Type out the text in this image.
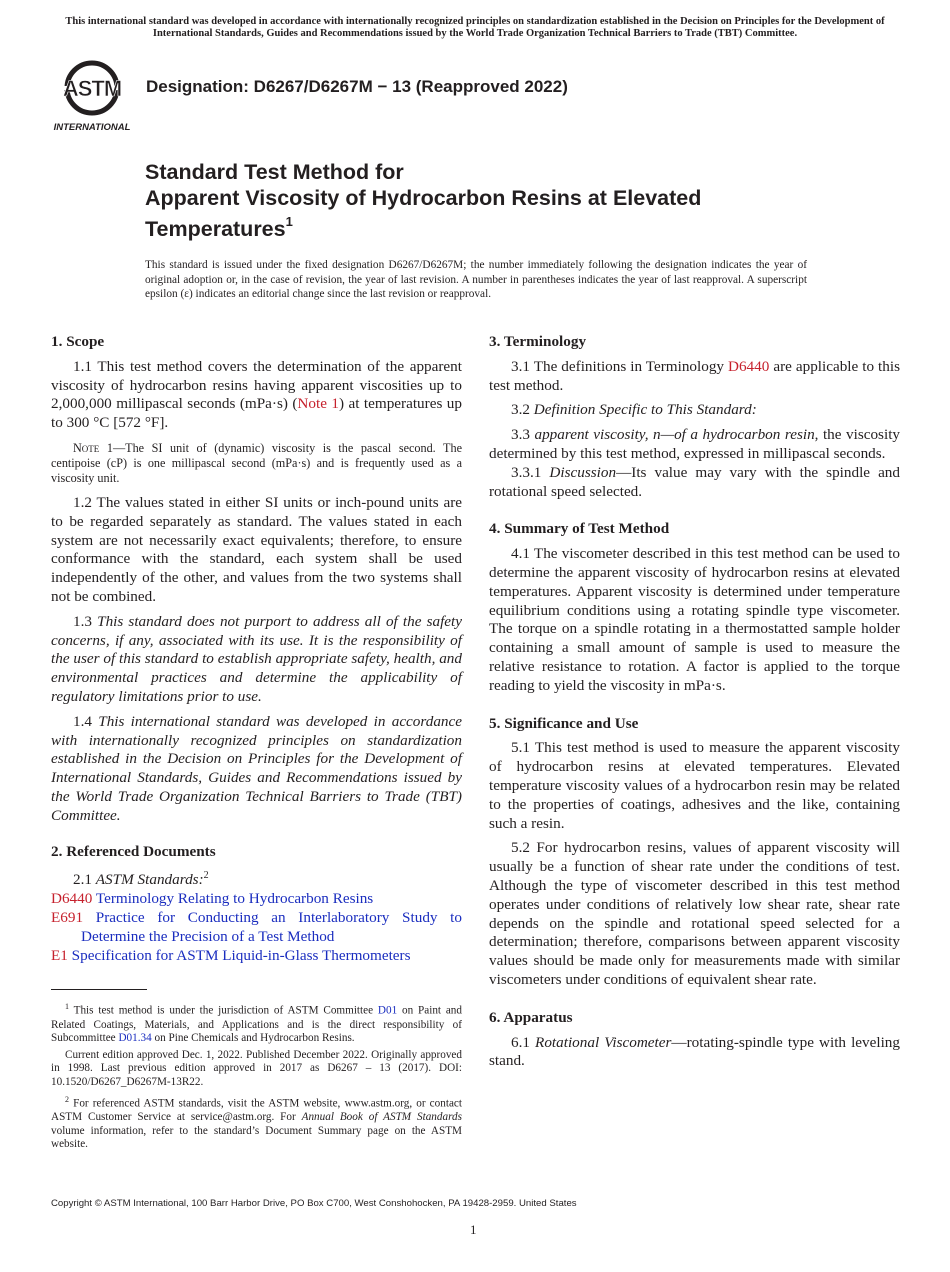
This international standard was developed in accordance with internationally recognized principles on standardization established in the Decision on Principles for the Development of International Standards, Guides and Recommendations issued by the World Trade Organization Technical Barriers to Trade (TBT) Committee.
ASTM
INTERNATIONAL
Designation: D6267/D6267M − 13 (Reapproved 2022)
Standard Test Method for
Apparent Viscosity of Hydrocarbon Resins at Elevated
Temperatures$^1$
This standard is issued under the fixed designation D6267/D6267M; the number immediately following the designation indicates the year of original adoption or, in the case of revision, the year of last revision. A number in parentheses indicates the year of last reapproval. A superscript epsilon (ε) indicates an editorial change since the last revision or reapproval.
1. Scope

1.1 This test method covers the determination of the apparent viscosity of hydrocarbon resins having apparent viscosities up to 2,000,000 millipascal seconds (mPa·s) (Note 1) at temperatures up to 300 °C [572 °F].

Note 1—The SI unit of (dynamic) viscosity is the pascal second. The centipoise (cP) is one millipascal second (mPa·s) and is frequently used as a viscosity unit.

1.2 The values stated in either SI units or inch-pound units are to be regarded separately as standard. The values stated in each system are not necessarily exact equivalents; therefore, to ensure conformance with the standard, each system shall be used independently of the other, and values from the two systems shall not be combined.

1.3 This standard does not purport to address all of the safety concerns, if any, associated with its use. It is the responsibility of the user of this standard to establish appropriate safety, health, and environmental practices and determine the applicability of regulatory limitations prior to use.

1.4 This international standard was developed in accordance with internationally recognized principles on standardization established in the Decision on Principles for the Development of International Standards, Guides and Recommendations issued by the World Trade Organization Technical Barriers to Trade (TBT) Committee.

2. Referenced Documents

2.1 ASTM Standards:$^2$

D6440 Terminology Relating to Hydrocarbon Resins

E691 Practice for Conducting an Interlaboratory Study to Determine the Precision of a Test Method

E1 Specification for ASTM Liquid-in-Glass Thermometers

$^1$ This test method is under the jurisdiction of ASTM Committee D01 on Paint and Related Coatings, Materials, and Applications and is the direct responsibility of Subcommittee D01.34 on Pine Chemicals and Hydrocarbon Resins.

Current edition approved Dec. 1, 2022. Published December 2022. Originally approved in 1998. Last previous edition approved in 2017 as D6267 – 13 (2017). DOI: 10.1520/D6267_D6267M-13R22.

$^2$ For referenced ASTM standards, visit the ASTM website, www.astm.org, or contact ASTM Customer Service at service@astm.org. For Annual Book of ASTM Standards volume information, refer to the standard’s Document Summary page on the ASTM website.

3. Terminology

3.1 The definitions in Terminology D6440 are applicable to this test method.

3.2 Definition Specific to This Standard:

3.3 apparent viscosity, n—of a hydrocarbon resin, the viscosity determined by this test method, expressed in millipascal seconds.

3.3.1 Discussion—Its value may vary with the spindle and rotational speed selected.

4. Summary of Test Method

4.1 The viscometer described in this test method can be used to determine the apparent viscosity of hydrocarbon resins at elevated temperatures. Apparent viscosity is determined under temperature equilibrium conditions using a rotating spindle type viscometer. The torque on a spindle rotating in a thermostatted sample holder containing a small amount of sample is used to measure the relative resistance to rotation. A factor is applied to the torque reading to yield the viscosity in mPa·s.

5. Significance and Use

5.1 This test method is used to measure the apparent viscosity of hydrocarbon resins at elevated temperatures. Elevated temperature viscosity values of a hydrocarbon resin may be related to the properties of coatings, adhesives and the like, containing such a resin.

5.2 For hydrocarbon resins, values of apparent viscosity will usually be a function of shear rate under the conditions of test. Although the type of viscometer described in this test method operates under conditions of relatively low shear rate, shear rate depends on the spindle and rotational speed selected for a determination; therefore, comparisons between apparent viscosity values should be made only for measurements made with similar viscometers under conditions of equivalent shear rate.

6. Apparatus

6.1 Rotational Viscometer—rotating-spindle type with leveling stand.

Copyright © ASTM International, 100 Barr Harbor Drive, PO Box C700, West Conshohocken, PA 19428-2959. United States
1
